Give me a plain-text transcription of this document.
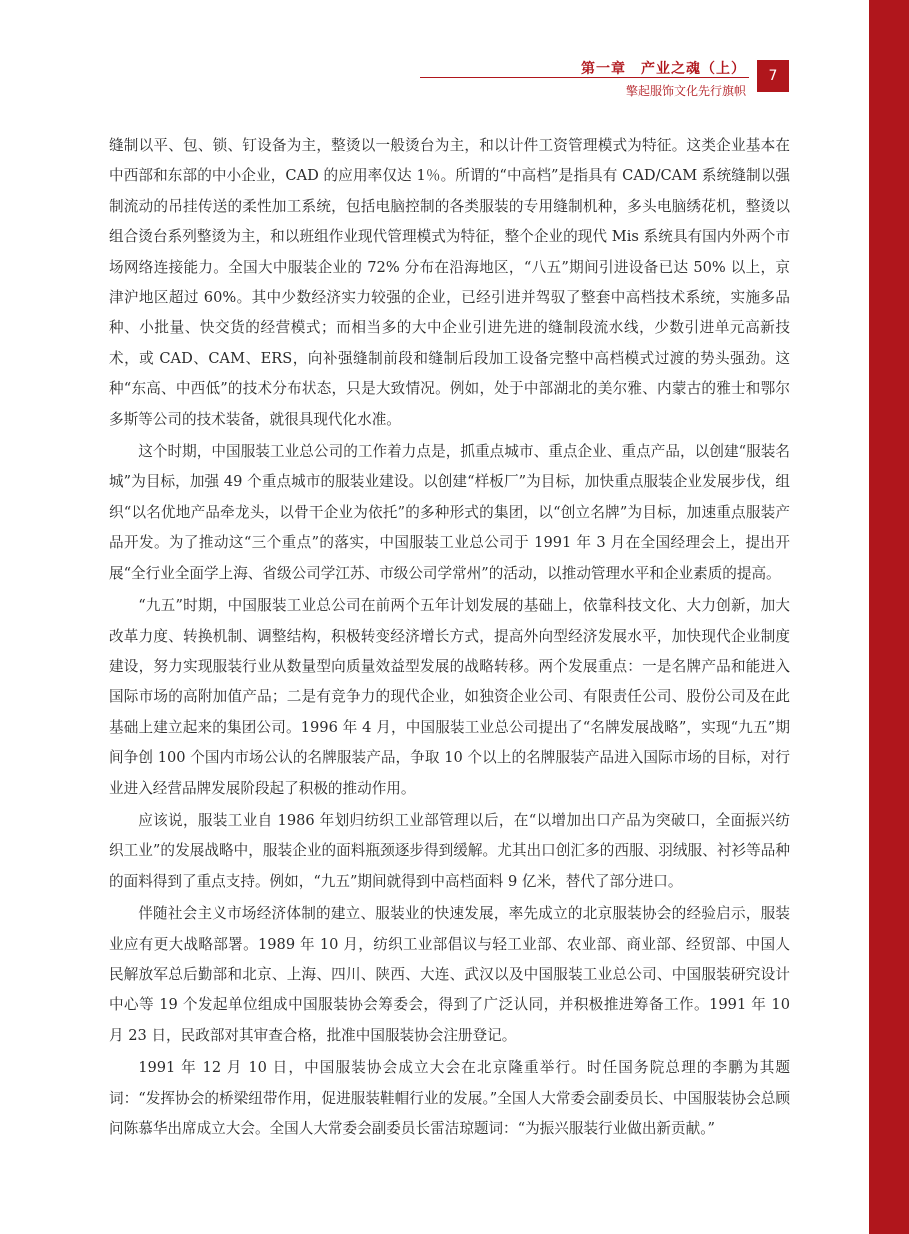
第一章　产业之魂（上）
擎起服饰文化先行旗帜
7

缝制以平、包、锁、钉设备为主，整烫以一般烫台为主，和以计件工资管理模式为特征。这类企业基本在中西部和东部的中小企业，CAD 的应用率仅达 1％。所谓的“中高档”是指具有 CAD/CAM 系统缝制以强制流动的吊挂传送的柔性加工系统，包括电脑控制的各类服装的专用缝制机种，多头电脑绣花机，整烫以组合烫台系列整烫为主，和以班组作业现代管理模式为特征，整个企业的现代 Mis 系统具有国内外两个市场网络连接能力。全国大中服装企业的 72% 分布在沿海地区，“八五”期间引进设备已达 50% 以上，京津沪地区超过 60%。其中少数经济实力较强的企业，已经引进并驾驭了整套中高档技术系统，实施多品种、小批量、快交货的经营模式；而相当多的大中企业引进先进的缝制段流水线，少数引进单元高新技术，或 CAD、CAM、ERS，向补强缝制前段和缝制后段加工设备完整中高档模式过渡的势头强劲。这种“东高、中西低”的技术分布状态，只是大致情况。例如，处于中部湖北的美尔雅、内蒙古的雅士和鄂尔多斯等公司的技术装备，就很具现代化水准。

这个时期，中国服装工业总公司的工作着力点是，抓重点城市、重点企业、重点产品，以创建“服装名城”为目标，加强 49 个重点城市的服装业建设。以创建“样板厂”为目标，加快重点服装企业发展步伐，组织“以名优地产品牵龙头，以骨干企业为依托”的多种形式的集团，以“创立名牌”为目标，加速重点服装产品开发。为了推动这“三个重点”的落实，中国服装工业总公司于 1991 年 3 月在全国经理会上，提出开展“全行业全面学上海、省级公司学江苏、市级公司学常州”的活动，以推动管理水平和企业素质的提高。

“九五”时期，中国服装工业总公司在前两个五年计划发展的基础上，依靠科技文化、大力创新，加大改革力度、转换机制、调整结构，积极转变经济增长方式，提高外向型经济发展水平，加快现代企业制度建设，努力实现服装行业从数量型向质量效益型发展的战略转移。两个发展重点：一是名牌产品和能进入国际市场的高附加值产品；二是有竞争力的现代企业，如独资企业公司、有限责任公司、股份公司及在此基础上建立起来的集团公司。1996 年 4 月，中国服装工业总公司提出了“名牌发展战略”，实现“九五”期间争创 100 个国内市场公认的名牌服装产品，争取 10 个以上的名牌服装产品进入国际市场的目标，对行业进入经营品牌发展阶段起了积极的推动作用。

应该说，服装工业自 1986 年划归纺织工业部管理以后，在“以增加出口产品为突破口，全面振兴纺织工业”的发展战略中，服装企业的面料瓶颈逐步得到缓解。尤其出口创汇多的西服、羽绒服、衬衫等品种的面料得到了重点支持。例如，“九五”期间就得到中高档面料 9 亿米，替代了部分进口。

伴随社会主义市场经济体制的建立、服装业的快速发展，率先成立的北京服装协会的经验启示，服装业应有更大战略部署。1989 年 10 月，纺织工业部倡议与轻工业部、农业部、商业部、经贸部、中国人民解放军总后勤部和北京、上海、四川、陕西、大连、武汉以及中国服装工业总公司、中国服装研究设计中心等 19 个发起单位组成中国服装协会筹委会，得到了广泛认同，并积极推进筹备工作。1991 年 10 月 23 日，民政部对其审查合格，批准中国服装协会注册登记。

1991 年 12 月 10 日，中国服装协会成立大会在北京隆重举行。时任国务院总理的李鹏为其题词：“发挥协会的桥梁纽带作用，促进服装鞋帽行业的发展。”全国人大常委会副委员长、中国服装协会总顾问陈慕华出席成立大会。全国人大常委会副委员长雷洁琼题词：“为振兴服装行业做出新贡献。”
